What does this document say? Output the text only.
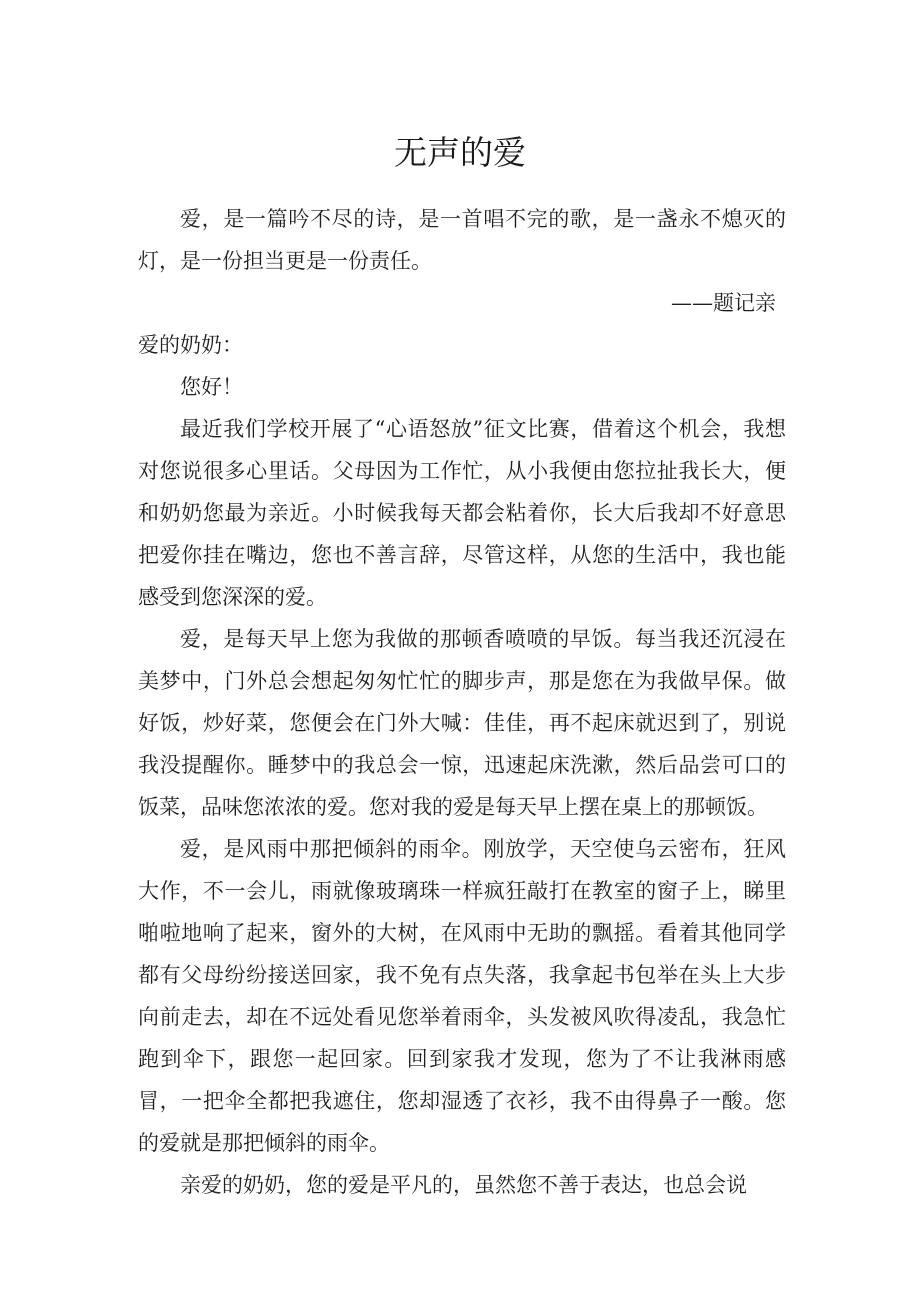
无声的爱

爱，是一篇吟不尽的诗，是一首唱不完的歌，是一盏永不熄灭的灯，是一份担当更是一份责任。

——题记亲

爱的奶奶：

您好！

最近我们学校开展了“心语怒放”征文比赛，借着这个机会，我想对您说很多心里话。父母因为工作忙，从小我便由您拉扯我长大，便和奶奶您最为亲近。小时候我每天都会粘着你，长大后我却不好意思把爱你挂在嘴边，您也不善言辞，尽管这样，从您的生活中，我也能感受到您深深的爱。

爱，是每天早上您为我做的那顿香喷喷的早饭。每当我还沉浸在美梦中，门外总会想起匆匆忙忙的脚步声，那是您在为我做早保。做好饭，炒好菜，您便会在门外大喊：佳佳，再不起床就迟到了，别说我没提醒你。睡梦中的我总会一惊，迅速起床洗漱，然后品尝可口的饭菜，品味您浓浓的爱。您对我的爱是每天早上摆在桌上的那顿饭。

爱，是风雨中那把倾斜的雨伞。刚放学，天空使乌云密布，狂风大作，不一会儿，雨就像玻璃珠一样疯狂敲打在教室的窗子上，睇里啪啦地响了起来，窗外的大树，在风雨中无助的飘摇。看着其他同学都有父母纷纷接送回家，我不免有点失落，我拿起书包举在头上大步向前走去，却在不远处看见您举着雨伞，头发被风吹得凌乱，我急忙跑到伞下，跟您一起回家。回到家我才发现，您为了不让我淋雨感冒，一把伞全都把我遮住，您却湿透了衣衫，我不由得鼻子一酸。您的爱就是那把倾斜的雨伞。

亲爱的奶奶，您的爱是平凡的，虽然您不善于表达，也总会说
